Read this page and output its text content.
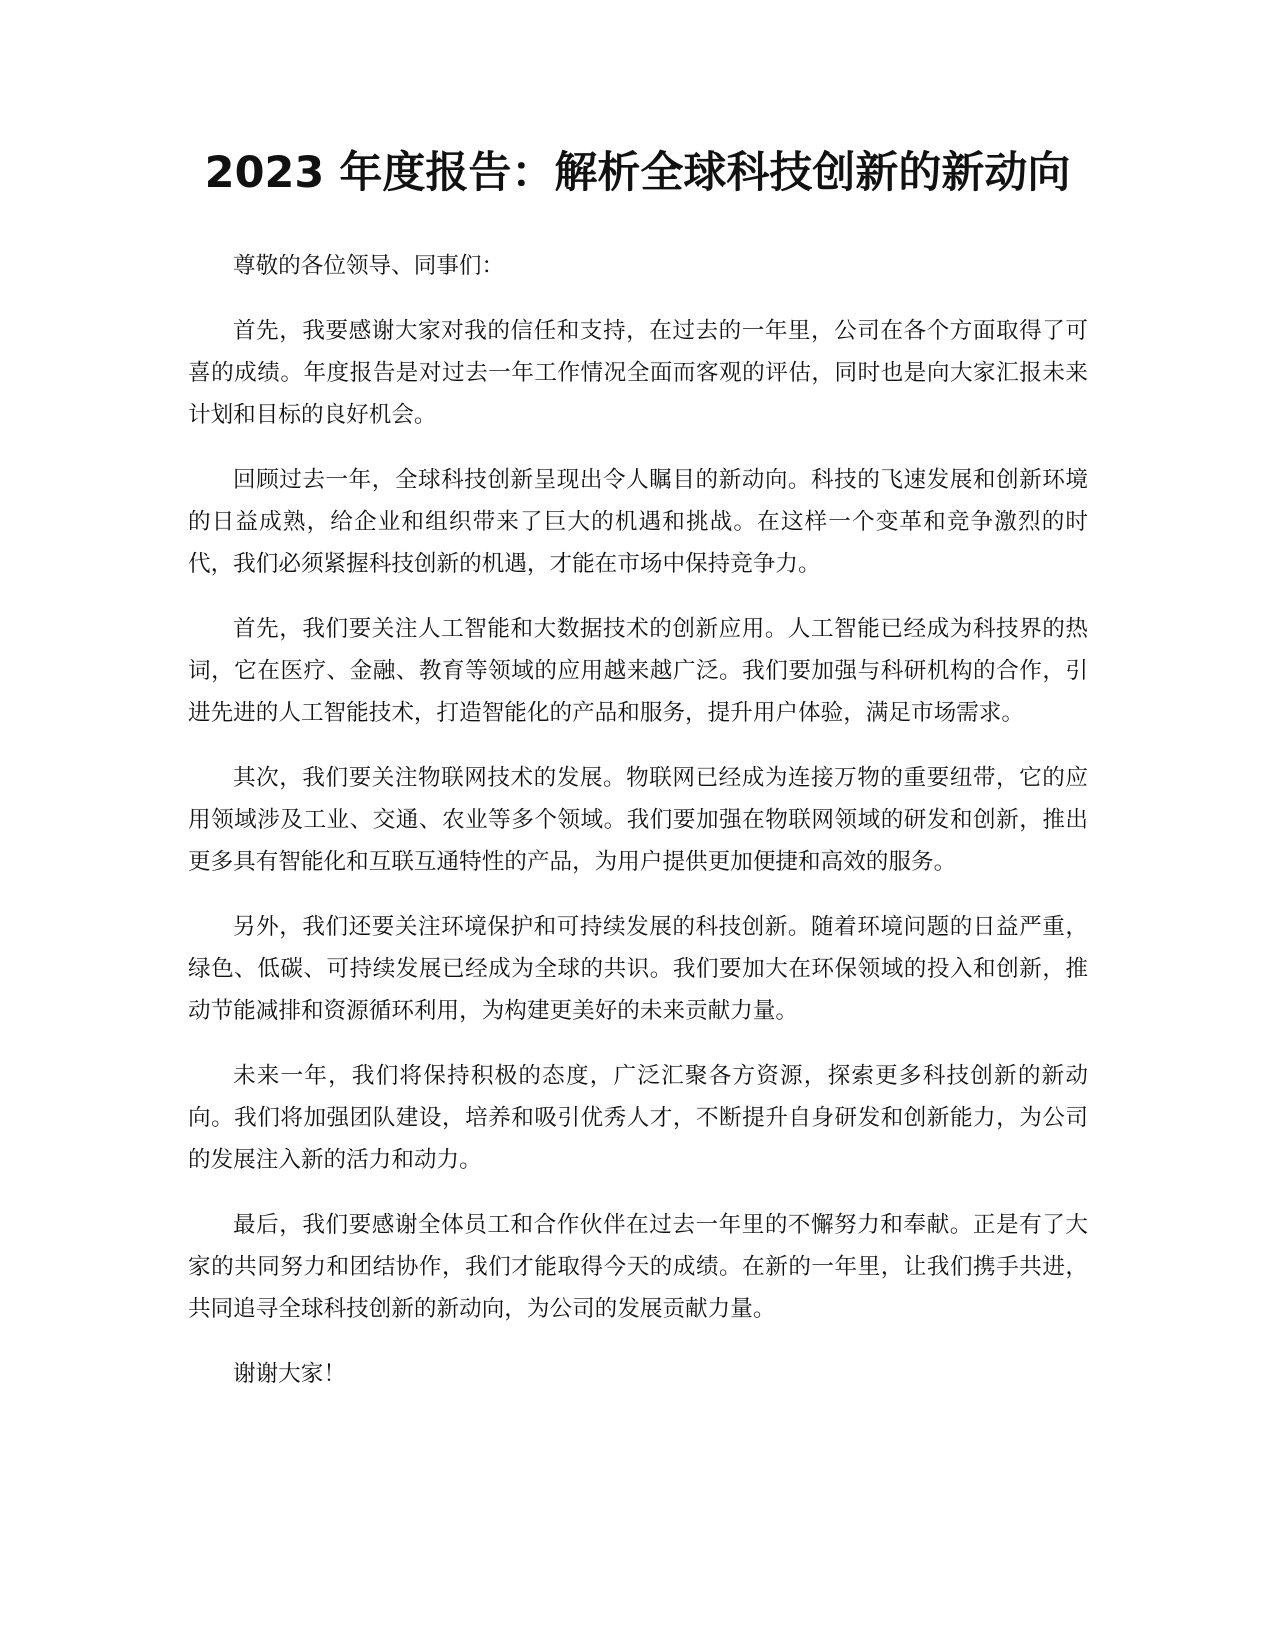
2023 年度报告：解析全球科技创新的新动向

尊敬的各位领导、同事们：

首先，我要感谢大家对我的信任和支持，在过去的一年里，公司在各个方面取得了可喜的成绩。年度报告是对过去一年工作情况全面而客观的评估，同时也是向大家汇报未来计划和目标的良好机会。

回顾过去一年，全球科技创新呈现出令人瞩目的新动向。科技的飞速发展和创新环境的日益成熟，给企业和组织带来了巨大的机遇和挑战。在这样一个变革和竞争激烈的时代，我们必须紧握科技创新的机遇，才能在市场中保持竞争力。

首先，我们要关注人工智能和大数据技术的创新应用。人工智能已经成为科技界的热词，它在医疗、金融、教育等领域的应用越来越广泛。我们要加强与科研机构的合作，引进先进的人工智能技术，打造智能化的产品和服务，提升用户体验，满足市场需求。

其次，我们要关注物联网技术的发展。物联网已经成为连接万物的重要纽带，它的应用领域涉及工业、交通、农业等多个领域。我们要加强在物联网领域的研发和创新，推出更多具有智能化和互联互通特性的产品，为用户提供更加便捷和高效的服务。

另外，我们还要关注环境保护和可持续发展的科技创新。随着环境问题的日益严重，绿色、低碳、可持续发展已经成为全球的共识。我们要加大在环保领域的投入和创新，推动节能减排和资源循环利用，为构建更美好的未来贡献力量。

未来一年，我们将保持积极的态度，广泛汇聚各方资源，探索更多科技创新的新动向。我们将加强团队建设，培养和吸引优秀人才，不断提升自身研发和创新能力，为公司的发展注入新的活力和动力。

最后，我们要感谢全体员工和合作伙伴在过去一年里的不懈努力和奉献。正是有了大家的共同努力和团结协作，我们才能取得今天的成绩。在新的一年里，让我们携手共进，共同追寻全球科技创新的新动向，为公司的发展贡献力量。

谢谢大家！
